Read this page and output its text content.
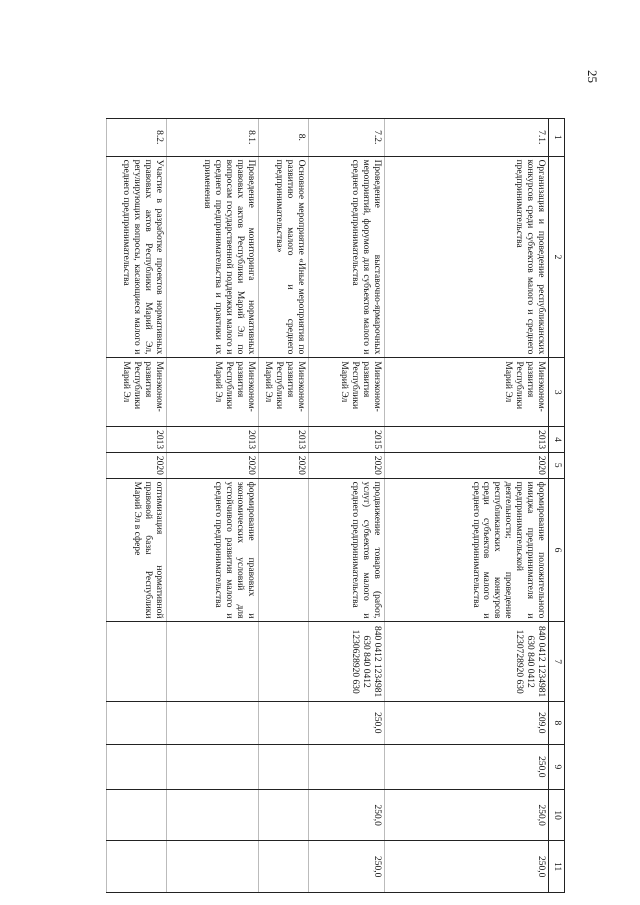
25
1	2	3	4	5	6	7	8	9	10	11
7.1.	Организация и проведение республиканских конкурсов среди субъектов малого и среднего предпринимательства	Минэконом-развития Республики Марий Эл	2013	2020	формирование положительного имиджа предпринимателя и предпринимательской деятельности; проведение республиканских конкурсов среди субъектов малого и среднего предпринимательства	840 0412 1234981 630 840 0412 1230728920 630	209,0	250,0	250,0	250,0
7.2.	Проведение выставочно-ярмарочных мероприятий, форумов для субъектов малого и среднего предпринимательства	Минэконом-развития Республики Марий Эл	2015	2020	продвижение товаров (работ, услуг) субъектов малого и среднего предпринимательства	840 0412 1234981 630 840 0412 1230628920 630	250,0		250,0	250,0
8.	Основное мероприятие «Иные мероприятия по развитию малого и среднего предпринимательства»	Минэконом-развития Республики Марий Эл	2013	2020						
8.1.	Проведение мониторинга нормативных правовых актов Республики Марий Эл по вопросам государственной поддержки малого и среднего предпринимательства и практики их применения	Минэконом-развития Республики Марий Эл	2013	2020	формирование правовых и экономических условий для устойчивого развития малого и среднего предпринимательства					
8.2.	Участие в разработке проектов нормативных правовых актов Республики Марий Эл, регулирующих вопросы, касающиеся малого и среднего предпринимательства	Минэконом-развития Республики Марий Эл	2013	2020	оптимизация нормативной правовой базы Республики Марий Эл в сфере					
